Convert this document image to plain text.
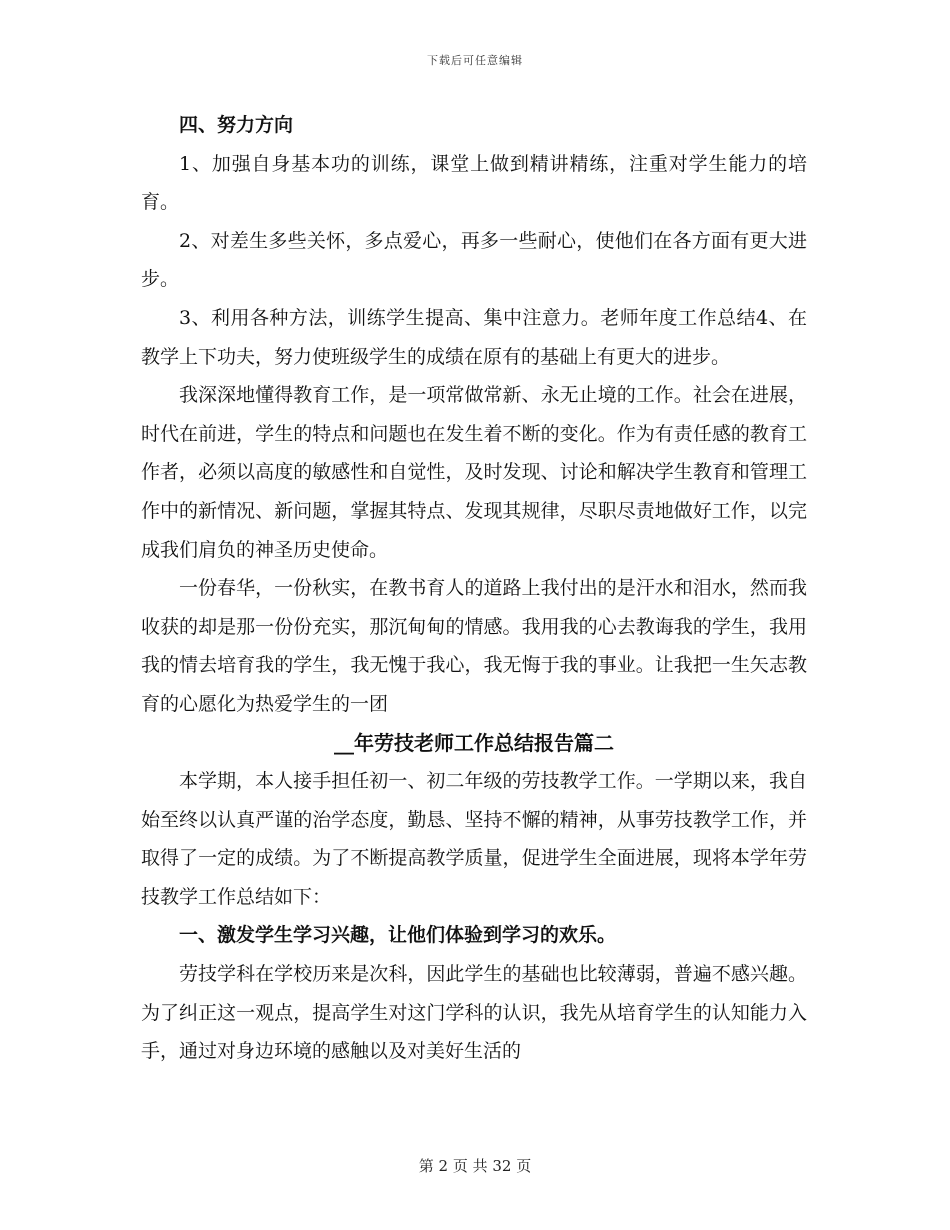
下载后可任意编辑

四、努力方向

1、加强自身基本功的训练，课堂上做到精讲精练，注重对学生能力的培育。

2、对差生多些关怀，多点爱心，再多一些耐心，使他们在各方面有更大进步。

3、利用各种方法，训练学生提高、集中注意力。老师年度工作总结4、在教学上下功夫，努力使班级学生的成绩在原有的基础上有更大的进步。

我深深地懂得教育工作，是一项常做常新、永无止境的工作。社会在进展，时代在前进，学生的特点和问题也在发生着不断的变化。作为有责任感的教育工作者，必须以高度的敏感性和自觉性，及时发现、讨论和解决学生教育和管理工作中的新情况、新问题，掌握其特点、发现其规律，尽职尽责地做好工作，以完成我们肩负的神圣历史使命。

一份春华，一份秋实，在教书育人的道路上我付出的是汗水和泪水，然而我收获的却是那一份份充实，那沉甸甸的情感。我用我的心去教诲我的学生，我用我的情去培育我的学生，我无愧于我心，我无悔于我的事业。让我把一生矢志教育的心愿化为热爱学生的一团

__年劳技老师工作总结报告篇二

本学期，本人接手担任初一、初二年级的劳技教学工作。一学期以来，我自始至终以认真严谨的治学态度，勤恳、坚持不懈的精神，从事劳技教学工作，并取得了一定的成绩。为了不断提高教学质量，促进学生全面进展，现将本学年劳技教学工作总结如下：

一、激发学生学习兴趣，让他们体验到学习的欢乐。

劳技学科在学校历来是次科，因此学生的基础也比较薄弱，普遍不感兴趣。为了纠正这一观点，提高学生对这门学科的认识，我先从培育学生的认知能力入手，通过对身边环境的感触以及对美好生活的

第 2 页 共 32 页
